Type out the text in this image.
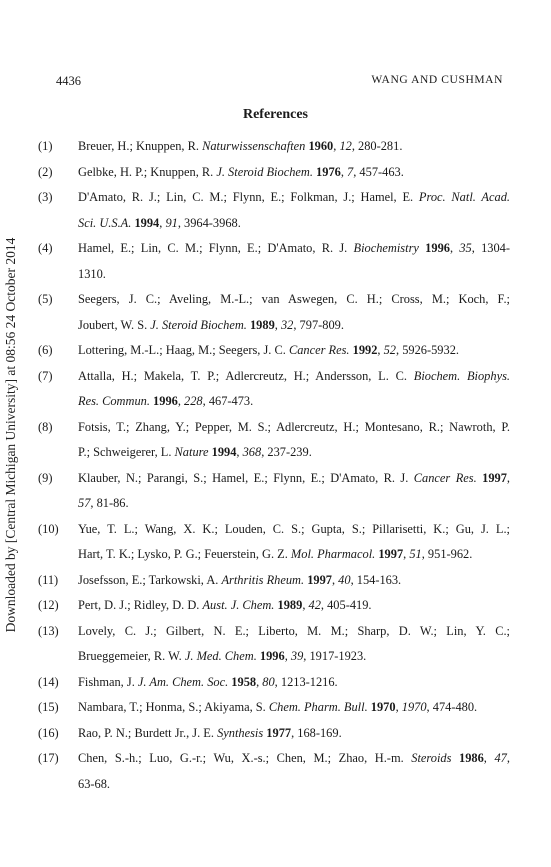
Downloaded by [Central Michigan University] at 08:56 24 October 2014
4436	WANG AND CUSHMAN
References
(1) Breuer, H.; Knuppen, R. Naturwissenschaften 1960, 12, 280-281.
(2) Gelbke, H. P.; Knuppen, R. J. Steroid Biochem. 1976, 7, 457-463.
(3) D'Amato, R. J.; Lin, C. M.; Flynn, E.; Folkman, J.; Hamel, E. Proc. Natl. Acad.
Sci. U.S.A. 1994, 91, 3964-3968.
(4) Hamel, E.; Lin, C. M.; Flynn, E.; D'Amato, R. J. Biochemistry 1996, 35, 1304-
1310.
(5) Seegers, J. C.; Aveling, M.-L.; van Aswegen, C. H.; Cross, M.; Koch, F.;
Joubert, W. S. J. Steroid Biochem. 1989, 32, 797-809.
(6) Lottering, M.-L.; Haag, M.; Seegers, J. C. Cancer Res. 1992, 52, 5926-5932.
(7) Attalla, H.; Makela, T. P.; Adlercreutz, H.; Andersson, L. C. Biochem. Biophys.
Res. Commun. 1996, 228, 467-473.
(8) Fotsis, T.; Zhang, Y.; Pepper, M. S.; Adlercreutz, H.; Montesano, R.; Nawroth, P.
P.; Schweigerer, L. Nature 1994, 368, 237-239.
(9) Klauber, N.; Parangi, S.; Hamel, E.; Flynn, E.; D'Amato, R. J. Cancer Res. 1997,
57, 81-86.
(10) Yue, T. L.; Wang, X. K.; Louden, C. S.; Gupta, S.; Pillarisetti, K.; Gu, J. L.;
Hart, T. K.; Lysko, P. G.; Feuerstein, G. Z. Mol. Pharmacol. 1997, 51, 951-962.
(11) Josefsson, E.; Tarkowski, A. Arthritis Rheum. 1997, 40, 154-163.
(12) Pert, D. J.; Ridley, D. D. Aust. J. Chem. 1989, 42, 405-419.
(13) Lovely, C. J.; Gilbert, N. E.; Liberto, M. M.; Sharp, D. W.; Lin, Y. C.;
Brueggemeier, R. W. J. Med. Chem. 1996, 39, 1917-1923.
(14) Fishman, J. J. Am. Chem. Soc. 1958, 80, 1213-1216.
(15) Nambara, T.; Honma, S.; Akiyama, S. Chem. Pharm. Bull. 1970, 1970, 474-480.
(16) Rao, P. N.; Burdett Jr., J. E. Synthesis 1977, 168-169.
(17) Chen, S.-h.; Luo, G.-r.; Wu, X.-s.; Chen, M.; Zhao, H.-m. Steroids 1986, 47,
63-68.
